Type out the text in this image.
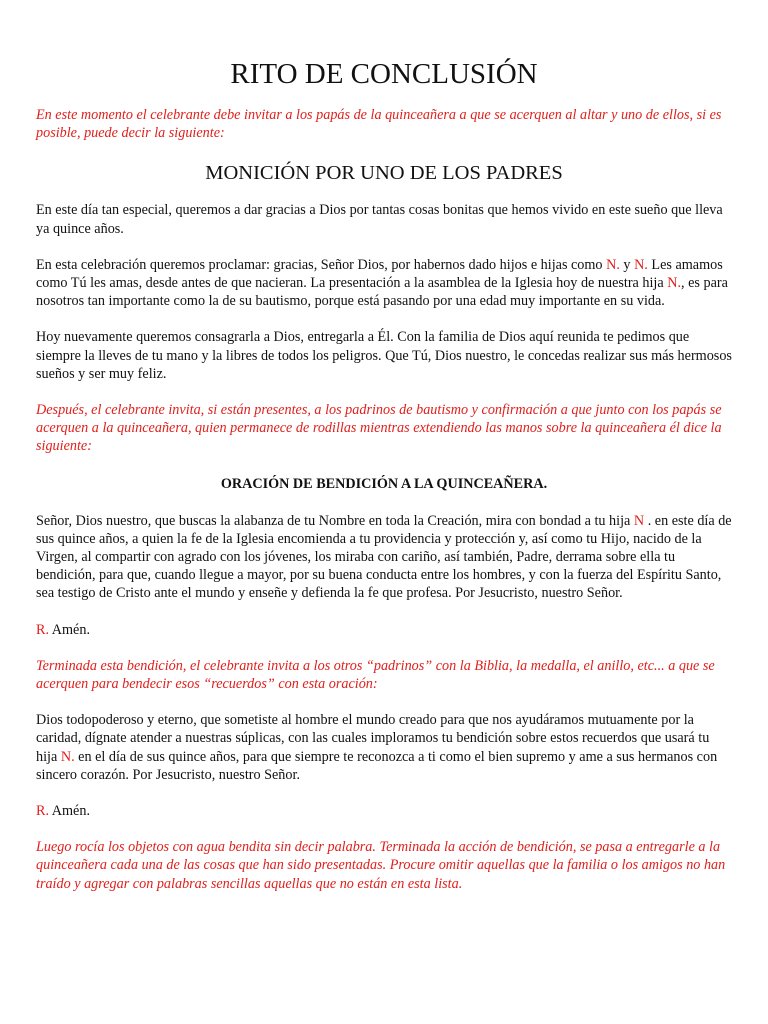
RITO DE CONCLUSIÓN

En este momento el celebrante debe invitar a los papás de la quinceañera a que se acerquen al altar y uno de ellos, si es posible, puede decir la siguiente:

MONICIÓN POR UNO DE LOS PADRES

En este día tan especial, queremos a dar gracias a Dios por tantas cosas bonitas que hemos vivido en este sueño que lleva ya quince años.

En esta celebración queremos proclamar: gracias, Señor Dios, por habernos dado hijos e hijas como N. y N. Les amamos como Tú les amas, desde antes de que nacieran. La presentación a la asamblea de la Iglesia hoy de nuestra hija N., es para nosotros tan importante como la de su bautismo, porque está pasando por una edad muy importante en su vida.

Hoy nuevamente queremos consagrarla a Dios, entregarla a Él. Con la familia de Dios aquí reunida te pedimos que siempre la lleves de tu mano y la libres de todos los peligros. Que Tú, Dios nuestro, le concedas realizar sus más hermosos sueños y ser muy feliz.

Después, el celebrante invita, si están presentes, a los padrinos de bautismo y confirmación a que junto con los papás se acerquen a la quinceañera, quien permanece de rodillas mientras extendiendo las manos sobre la quinceañera él dice la siguiente:

ORACIÓN DE BENDICIÓN A LA QUINCEAÑERA.

Señor, Dios nuestro, que buscas la alabanza de tu Nombre en toda la Creación, mira con bondad a tu hija N . en este día de sus quince años, a quien la fe de la Iglesia encomienda a tu providencia y protección y, así como tu Hijo, nacido de la Virgen, al compartir con agrado con los jóvenes, los miraba con cariño, así también, Padre, derrama sobre ella tu bendición, para que, cuando llegue a mayor, por su buena conducta entre los hombres, y con la fuerza del Espíritu Santo, sea testigo de Cristo ante el mundo y enseñe y defienda la fe que profesa. Por Jesucristo, nuestro Señor.

R. Amén.

Terminada esta bendición, el celebrante invita a los otros “padrinos” con la Biblia, la medalla, el anillo, etc... a que se acerquen para bendecir esos “recuerdos” con esta oración:

Dios todopoderoso y eterno, que sometiste al hombre el mundo creado para que nos ayudáramos mutuamente por la caridad, dígnate atender a nuestras súplicas, con las cuales imploramos tu bendición sobre estos recuerdos que usará tu hija N. en el día de sus quince años, para que siempre te reconozca a ti como el bien supremo y ame a sus hermanos con sincero corazón. Por Jesucristo, nuestro Señor.

R. Amén.

Luego rocía los objetos con agua bendita sin decir palabra. Terminada la acción de bendición, se pasa a entregarle a la quinceañera cada una de las cosas que han sido presentadas. Procure omitir aquellas que la familia o los amigos no han traído y agregar con palabras sencillas aquellas que no están en esta lista.
